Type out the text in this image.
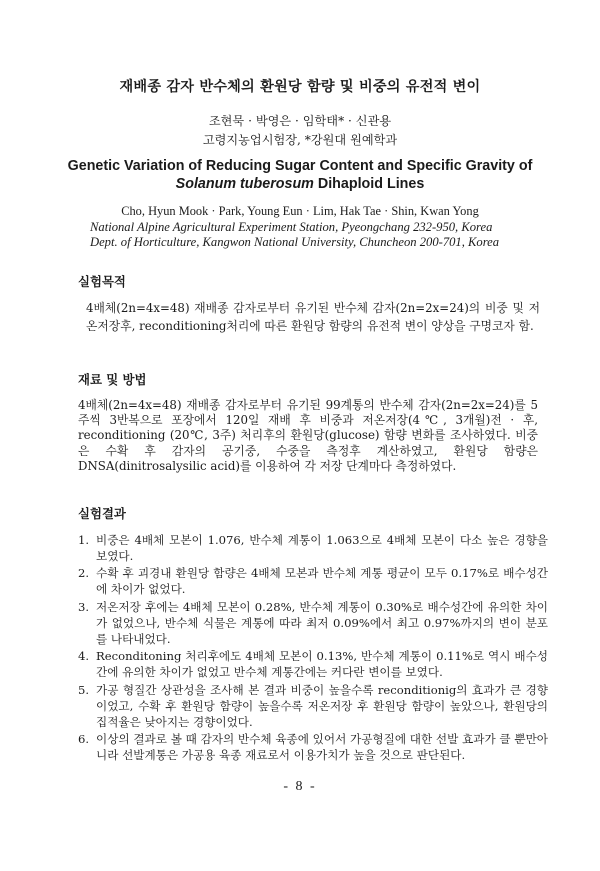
재배종 감자 반수체의 환원당 함량 및 비중의 유전적 변이
조현묵 · 박영은 · 임학태* · 신관용
고령지농업시험장, *강원대 원예학과
Genetic Variation of Reducing Sugar Content and Specific Gravity of
Solanum tuberosum Dihaploid Lines
Cho, Hyun Mook · Park, Young Eun · Lim, Hak Tae · Shin, Kwan Yong
National Alpine Agricultural Experiment Station, Pyeongchang 232-950, Korea
Dept. of Horticulture, Kangwon National University, Chuncheon 200-701, Korea
실험목적
4배체(2n=4x=48) 재배종 감자로부터 유기된 반수체 감자(2n=2x=24)의 비중 및 저온저장후, reconditioning처리에 따른 환원당 함량의 유전적 변이 양상을 구명코자 함.
재료 및 방법
4배체(2n=4x=48) 재배종 감자로부터 유기된 99계통의 반수체 감자(2n=2x=24)를 5주씩 3반복으로 포장에서 120일 재배 후 비중과 저온저장(4℃, 3개월)전 · 후, reconditioning (20℃, 3주) 처리후의 환원당(glucose) 함량 변화를 조사하였다. 비중은 수확 후 감자의 공기중, 수중을 측정후 계산하였고, 환원당 함량은 DNSA(dinitrosalysilic acid)를 이용하여 각 저장 단계마다 측정하였다.
실험결과
1. 비중은 4배체 모본이 1.076, 반수체 계통이 1.063으로 4배체 모본이 다소 높은 경향을 보였다.
2. 수확 후 괴경내 환원당 함량은 4배체 모본과 반수체 계통 평균이 모두 0.17%로 배수성간에 차이가 없었다.
3. 저온저장 후에는 4배체 모본이 0.28%, 반수체 계통이 0.30%로 배수성간에 유의한 차이가 없었으나, 반수체 식물은 계통에 따라 최저 0.09%에서 최고 0.97%까지의 변이 분포를 나타내었다.
4. Reconditoning 처리후에도 4배체 모본이 0.13%, 반수체 계통이 0.11%로 역시 배수성간에 유의한 차이가 없었고 반수체 계통간에는 커다란 변이를 보였다.
5. 가공 형질간 상관성을 조사해 본 결과 비중이 높을수록 reconditionig의 효과가 큰 경향이었고, 수확 후 환원당 함량이 높을수록 저온저장 후 환원당 함량이 높았으나, 환원당의 집적율은 낮아지는 경향이었다.
6. 이상의 결과로 볼 때 감자의 반수체 육종에 있어서 가공형질에 대한 선발 효과가 클 뿐만아니라 선발계통은 가공용 육종 재료로서 이용가치가 높을 것으로 판단된다.
- 8 -
